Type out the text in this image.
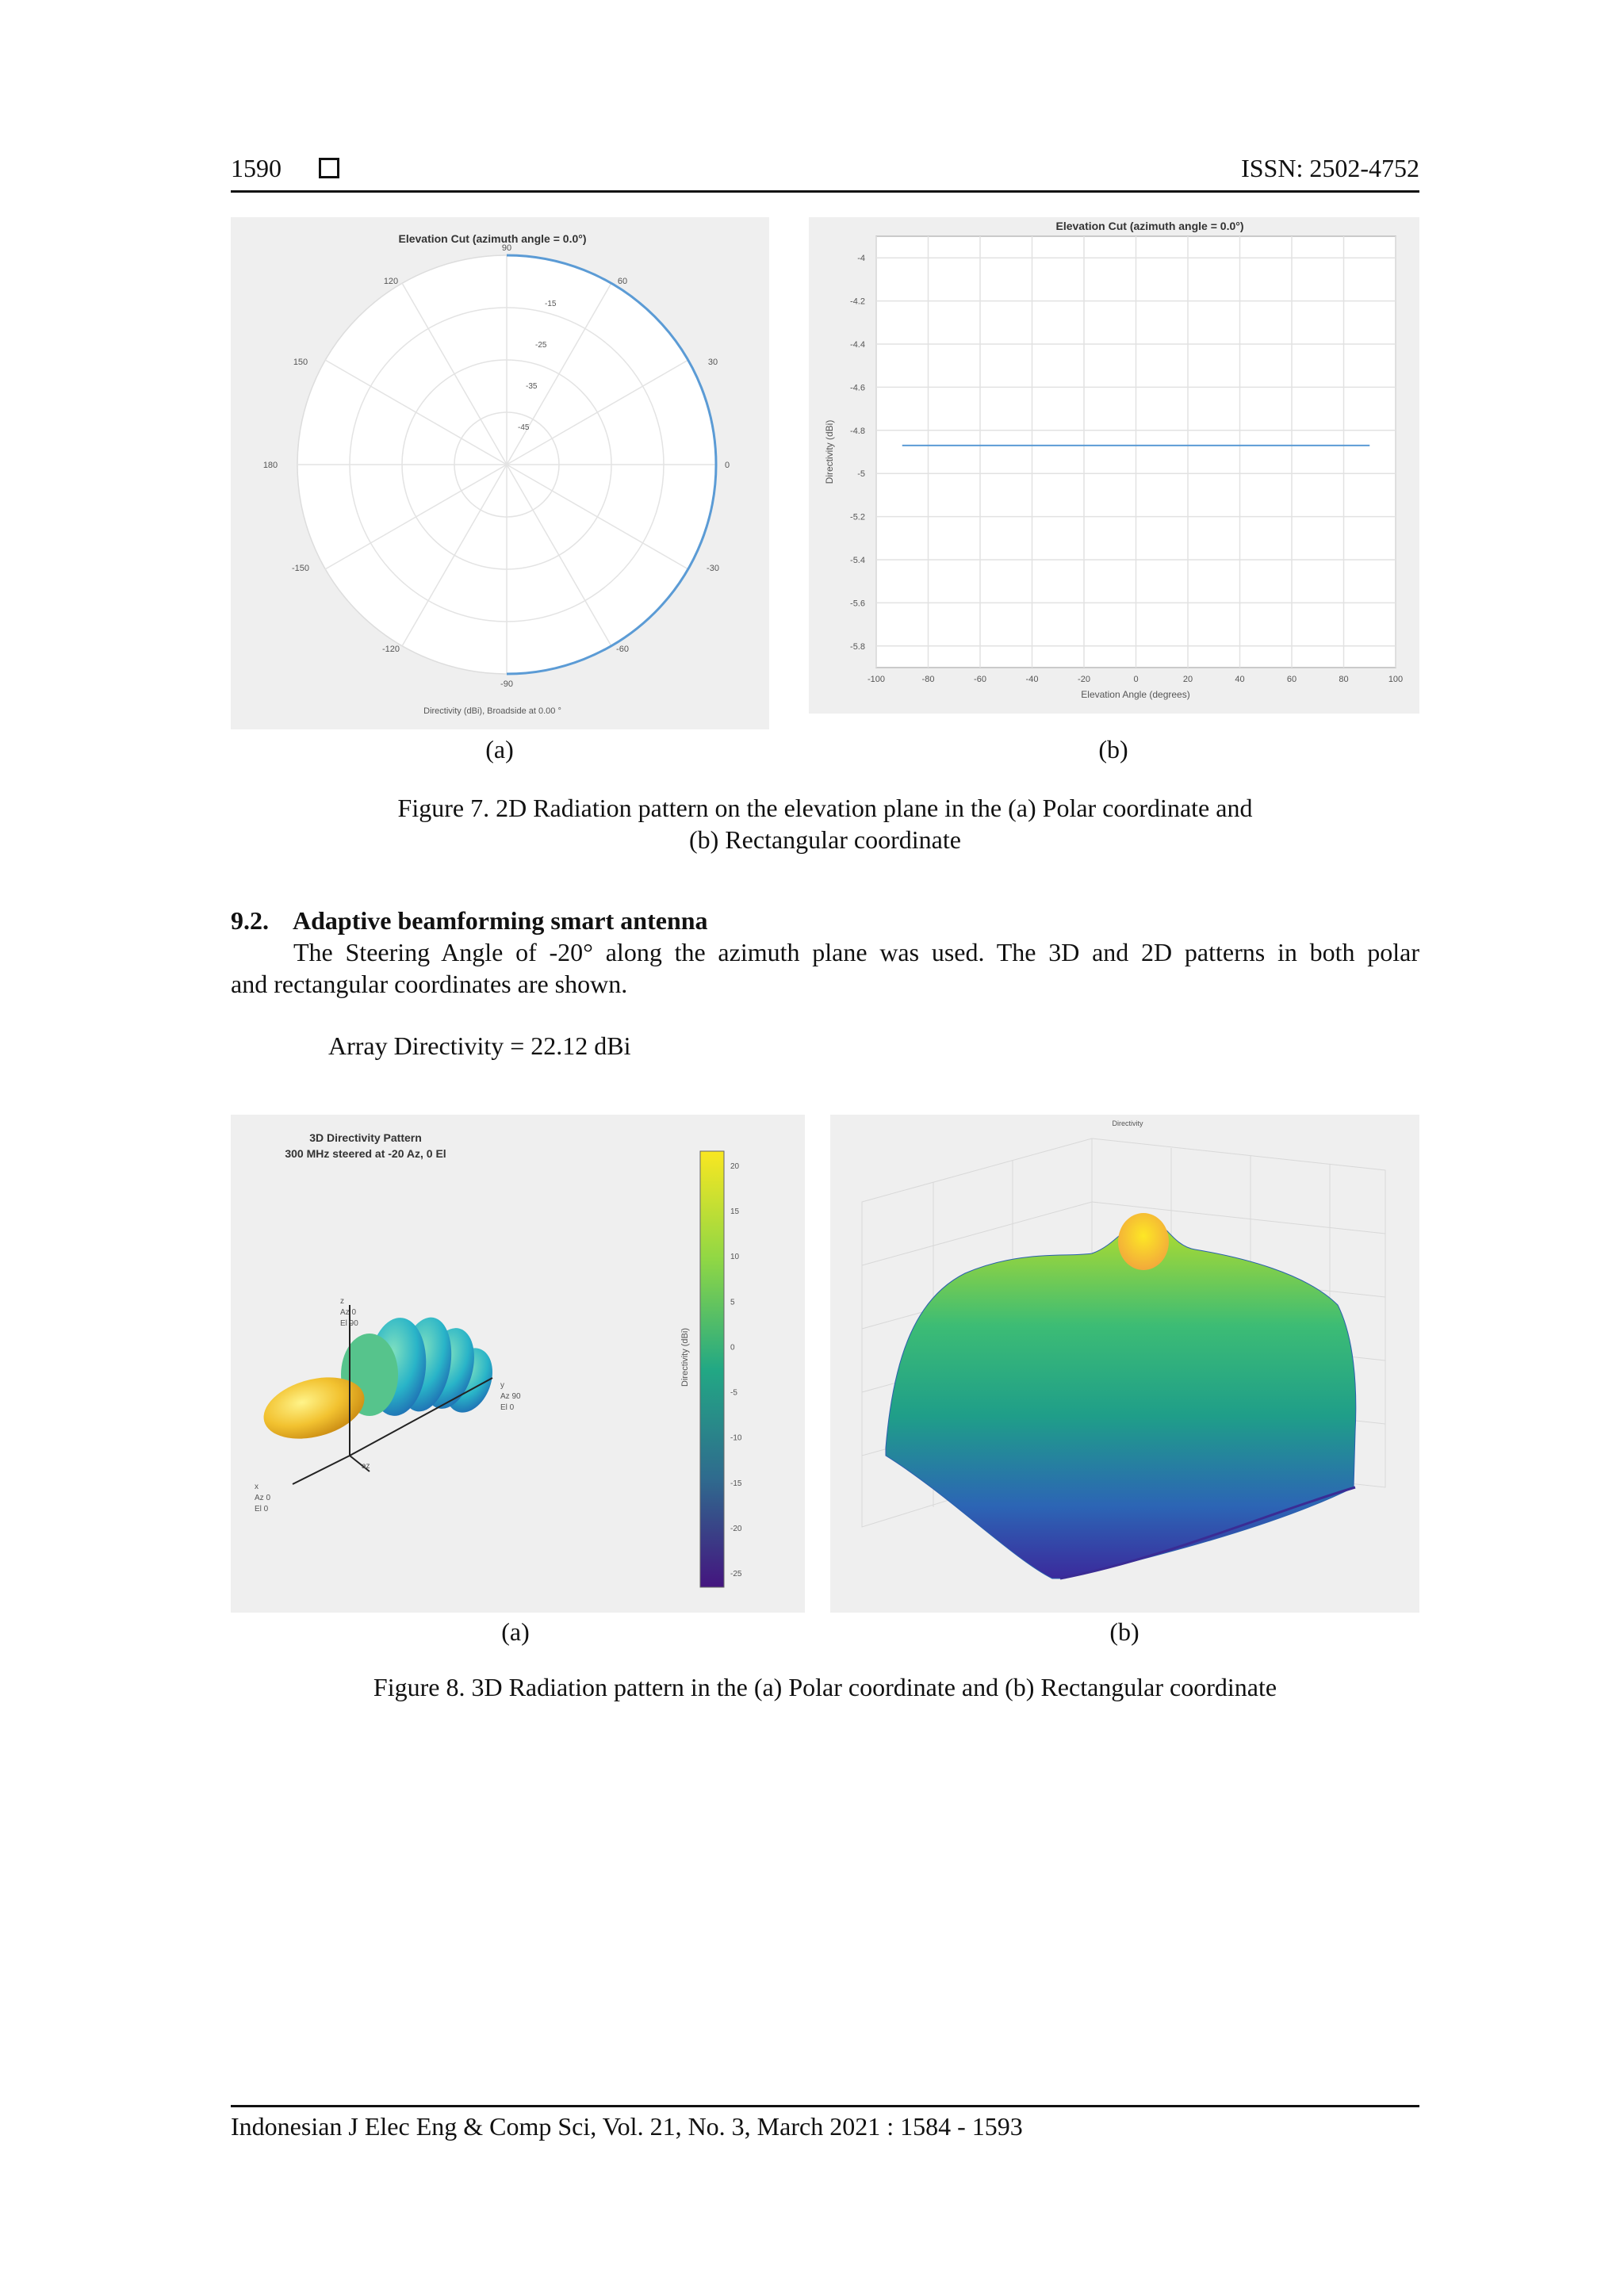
1590	ISSN: 2502-4752
Elevation Cut (azimuth angle = 0.0°)
90
60
30
0
-30
-60
-90
-120
-150
180
150
120
-15
-25
-35
-45
Directivity (dBi), Broadside at 0.00 °
Elevation Cut (azimuth angle = 0.0°)
-100	-80	-60	-40	-20	0	20	40	60	80	100
-4
-4.2
-4.4
-4.6
-4.8
-5
-5.2
-5.4
-5.6
-5.8
Elevation Angle (degrees)
Directivity (dBi)
(a)	(b)
Figure 7. 2D Radiation pattern on the elevation plane in the (a) Polar coordinate and
(b) Rectangular coordinate
9.2. Adaptive beamforming smart antenna
The Steering Angle of -20° along the azimuth plane was used. The 3D and 2D patterns in both polar
and rectangular coordinates are shown.
Array Directivity = 22.12 dBi
3D Directivity Pattern
300 MHz steered at -20 Az, 0 El
z
Az 0
El 90
y
Az 90
El 0
x
Az 0
El 0
az
20
15
10
5
0
-5
-10
-15
-20
-25
Directivity (dBi)
Directivity
(a)	(b)
Figure 8. 3D Radiation pattern in the (a) Polar coordinate and (b) Rectangular coordinate
Indonesian J Elec Eng & Comp Sci, Vol. 21, No. 3, March 2021 : 1584 - 1593
